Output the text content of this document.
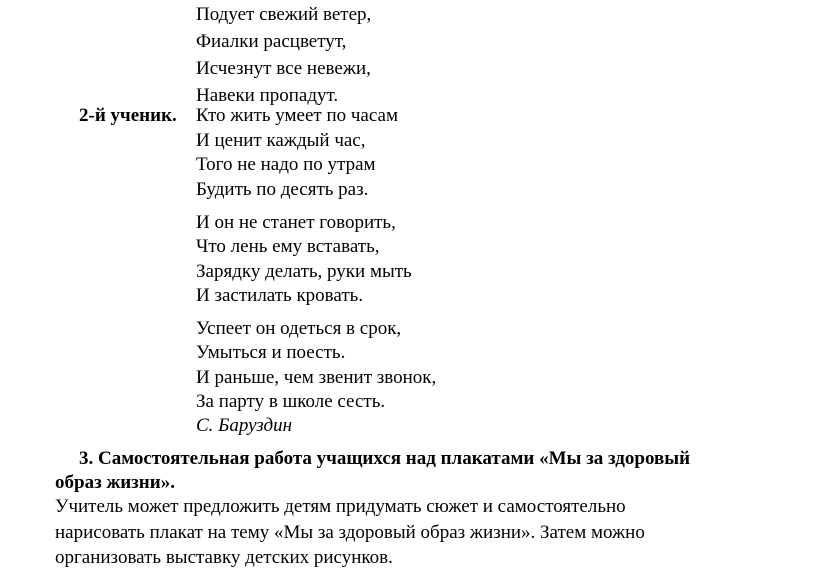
Подует свежий ветер,
Фиалки расцветут,
Исчезнут все невежи,
Навеки пропадут.
2-й ученик. Кто жить умеет по часам
И ценит каждый час,
Того не надо по утрам
Будить по десять раз.
И он не станет говорить,
Что лень ему вставать,
Зарядку делать, руки мыть
И застилать кровать.
Успеет он одеться в срок,
Умыться и поесть.
И раньше, чем звенит звонок,
За парту в школе сесть.
С. Баруздин
3. Самостоятельная работа учащихся над плакатами «Мы за здоровый
образ жизни».
Учитель может предложить детям придумать сюжет и самостоятельно
нарисовать плакат на тему «Мы за здоровый образ жизни». Затем можно
организовать выставку детских рисунков.
